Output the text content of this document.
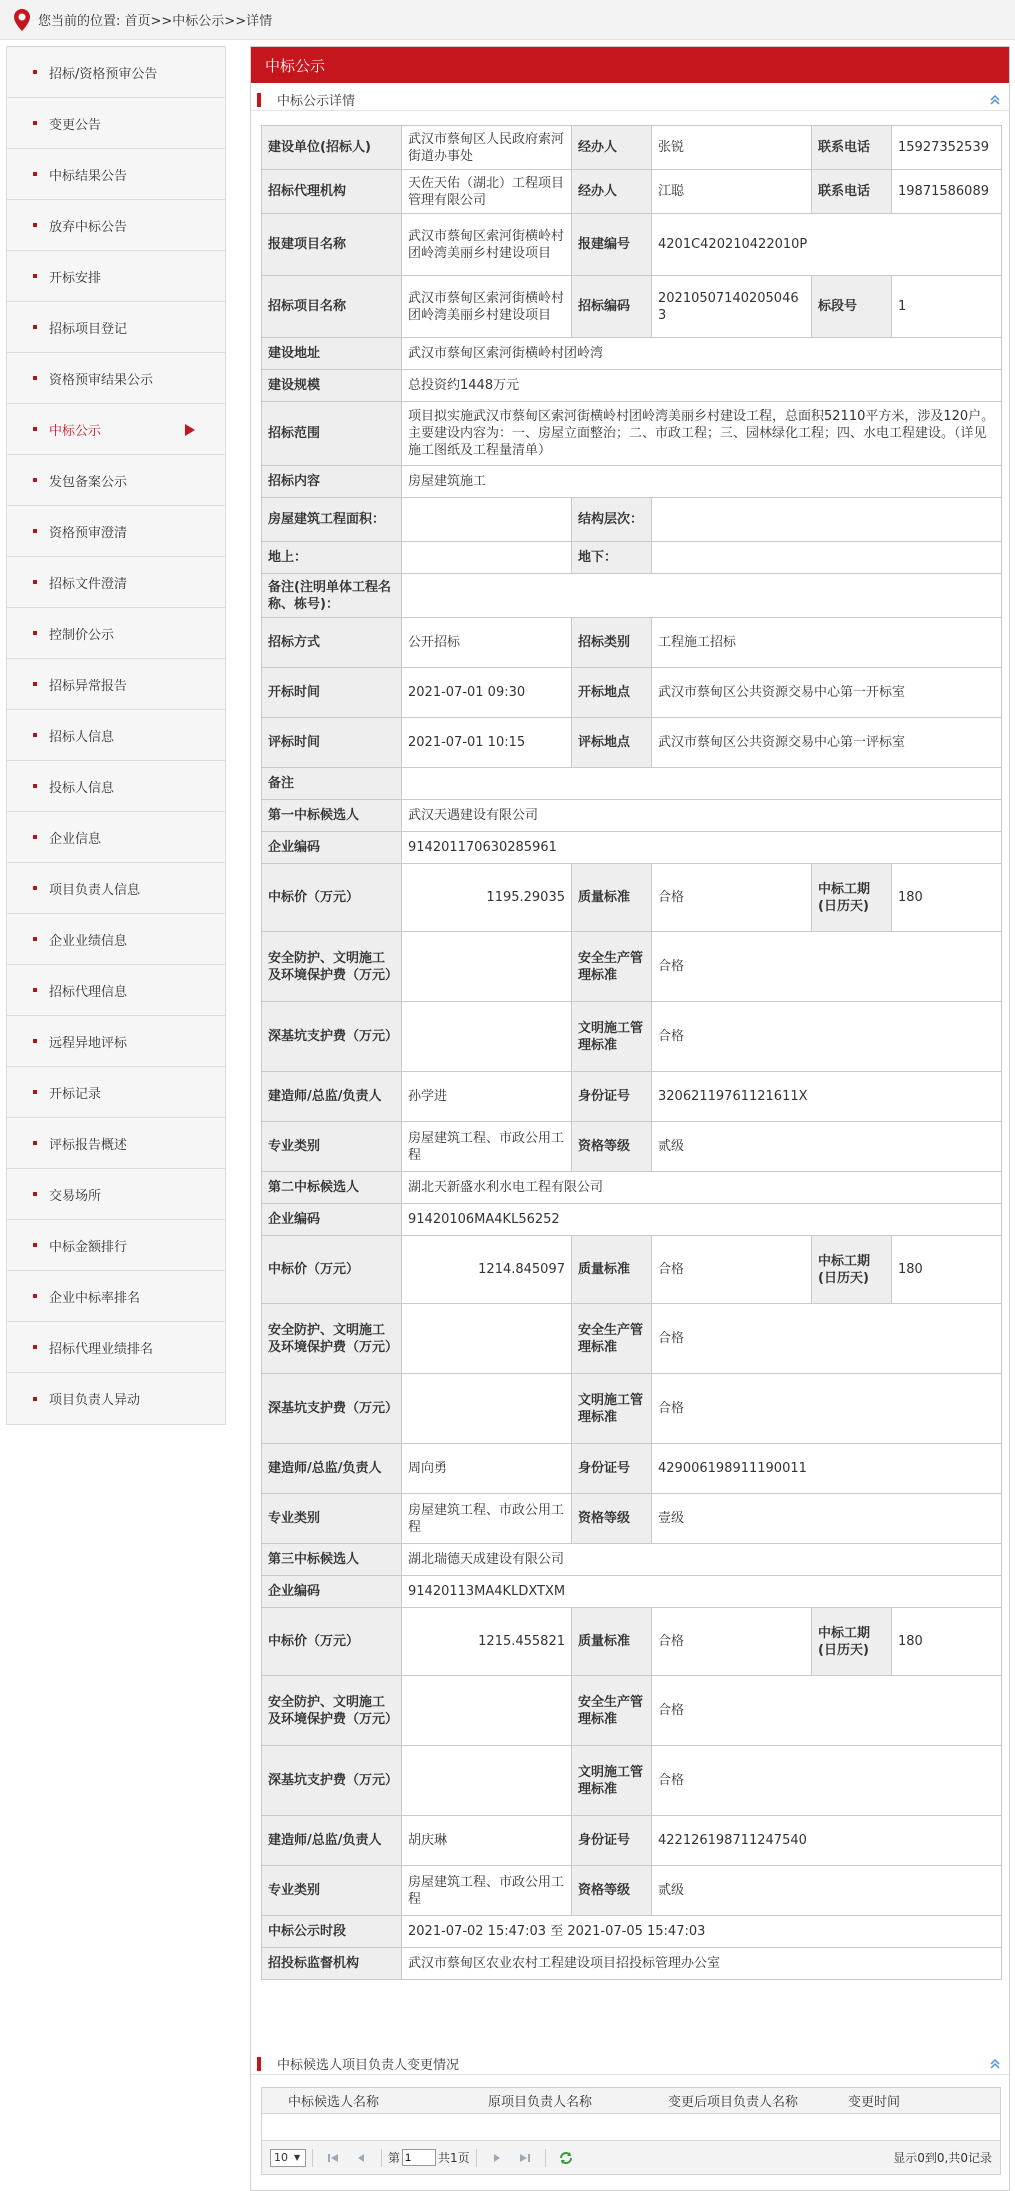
您当前的位置: 首页>>中标公示>>详情
招标/资格预审公告
变更公告
中标结果公告
放弃中标公告
开标安排
招标项目登记
资格预审结果公示
中标公示
发包备案公示
资格预审澄清
招标文件澄清
控制价公示
招标异常报告
招标人信息
投标人信息
企业信息
项目负责人信息
企业业绩信息
招标代理信息
远程异地评标
开标记录
评标报告概述
交易场所
中标金额排行
企业中标率排名
招标代理业绩排名
项目负责人异动
中标公示
中标公示详情
建设单位(招标人)	武汉市蔡甸区人民政府索河街道办事处	经办人	张锐	联系电话	15927352539
招标代理机构	天佐天佑（湖北）工程项目管理有限公司	经办人	江聪	联系电话	19871586089
报建项目名称	武汉市蔡甸区索河街横岭村团岭湾美丽乡村建设项目	报建编号	4201C420210422010P		
招标项目名称	武汉市蔡甸区索河街横岭村团岭湾美丽乡村建设项目	招标编码	202105071402050463	标段号	1
建设地址	武汉市蔡甸区索河街横岭村团岭湾				
建设规模	总投资约1448万元				
招标范围	项目拟实施武汉市蔡甸区索河街横岭村团岭湾美丽乡村建设工程，总面积52110平方米，涉及120户。主要建设内容为：一、房屋立面整治；二、市政工程；三、园林绿化工程；四、水电工程建设。（详见施工图纸及工程量清单）				
招标内容	房屋建筑施工				
房屋建筑工程面积：		结构层次：			
地上：		地下：			
备注(注明单体工程名称、栋号)：					
招标方式	公开招标	招标类别	工程施工招标		
开标时间	2021-07-01 09:30	开标地点	武汉市蔡甸区公共资源交易中心第一开标室		
评标时间	2021-07-01 10:15	评标地点	武汉市蔡甸区公共资源交易中心第一评标室		
备注					
第一中标候选人	武汉天遇建设有限公司				
企业编码	914201170630285961				
中标价（万元）	1195.29035	质量标准	合格	中标工期(日历天)	180
安全防护、文明施工及环境保护费（万元）		安全生产管理标准	合格		
深基坑支护费（万元）		文明施工管理标准	合格		
建造师/总监/负责人	孙学进	身份证号	32062119761121611X		
专业类别	房屋建筑工程、市政公用工程	资格等级	贰级		
第二中标候选人	湖北天新盛水利水电工程有限公司				
企业编码	91420106MA4KL56252				
中标价（万元）	1214.845097	质量标准	合格	中标工期(日历天)	180
安全防护、文明施工及环境保护费（万元）		安全生产管理标准	合格		
深基坑支护费（万元）		文明施工管理标准	合格		
建造师/总监/负责人	周向勇	身份证号	429006198911190011		
专业类别	房屋建筑工程、市政公用工程	资格等级	壹级		
第三中标候选人	湖北瑞德天成建设有限公司				
企业编码	91420113MA4KLDXTXM				
中标价（万元）	1215.455821	质量标准	合格	中标工期(日历天)	180
安全防护、文明施工及环境保护费（万元）		安全生产管理标准	合格		
深基坑支护费（万元）		文明施工管理标准	合格		
建造师/总监/负责人	胡庆琳	身份证号	422126198711247540		
专业类别	房屋建筑工程、市政公用工程	资格等级	贰级		
中标公示时段	2021-07-02 15:47:03 至 2021-07-05 15:47:03				
招投标监督机构	武汉市蔡甸区农业农村工程建设项目招投标管理办公室				
中标候选人项目负责人变更情况
中标候选人名称	原项目负责人名称	变更后项目负责人名称	变更时间
10 ▼	第
1	共1页	显示0到0,共0记录
